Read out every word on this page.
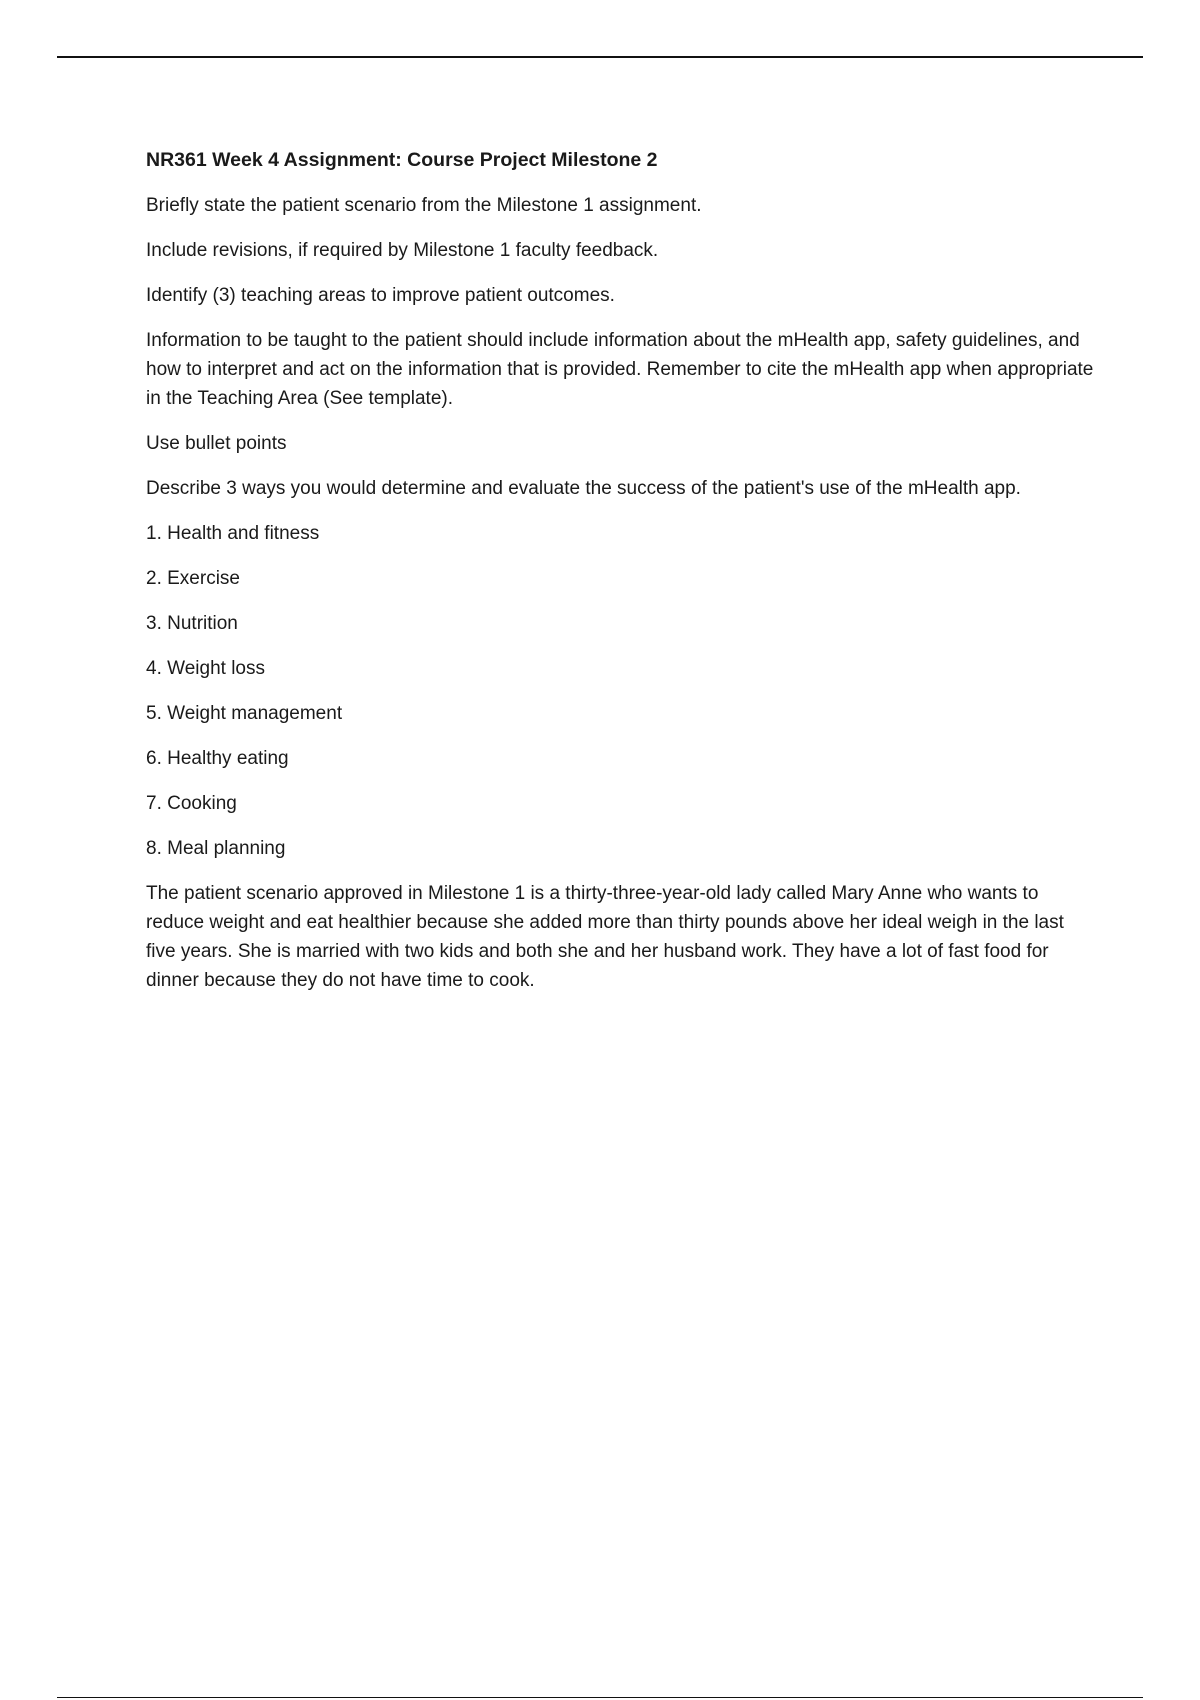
NR361 Week 4 Assignment: Course Project Milestone 2
Briefly state the patient scenario from the Milestone 1 assignment.
Include revisions, if required by Milestone 1 faculty feedback.
Identify (3) teaching areas to improve patient outcomes.
Information to be taught to the patient should include information about the mHealth app, safety guidelines, and how to interpret and act on the information that is provided. Remember to cite the mHealth app when appropriate in the Teaching Area (See template).
Use bullet points
Describe 3 ways you would determine and evaluate the success of the patient's use of the mHealth app.
1. Health and fitness
2. Exercise
3. Nutrition
4. Weight loss
5. Weight management
6. Healthy eating
7. Cooking
8. Meal planning
The patient scenario approved in Milestone 1 is a thirty-three-year-old lady called Mary Anne who wants to reduce weight and eat healthier because she added more than thirty pounds above her ideal weigh in the last five years. She is married with two kids and both she and her husband work. They have a lot of fast food for dinner because they do not have time to cook.
